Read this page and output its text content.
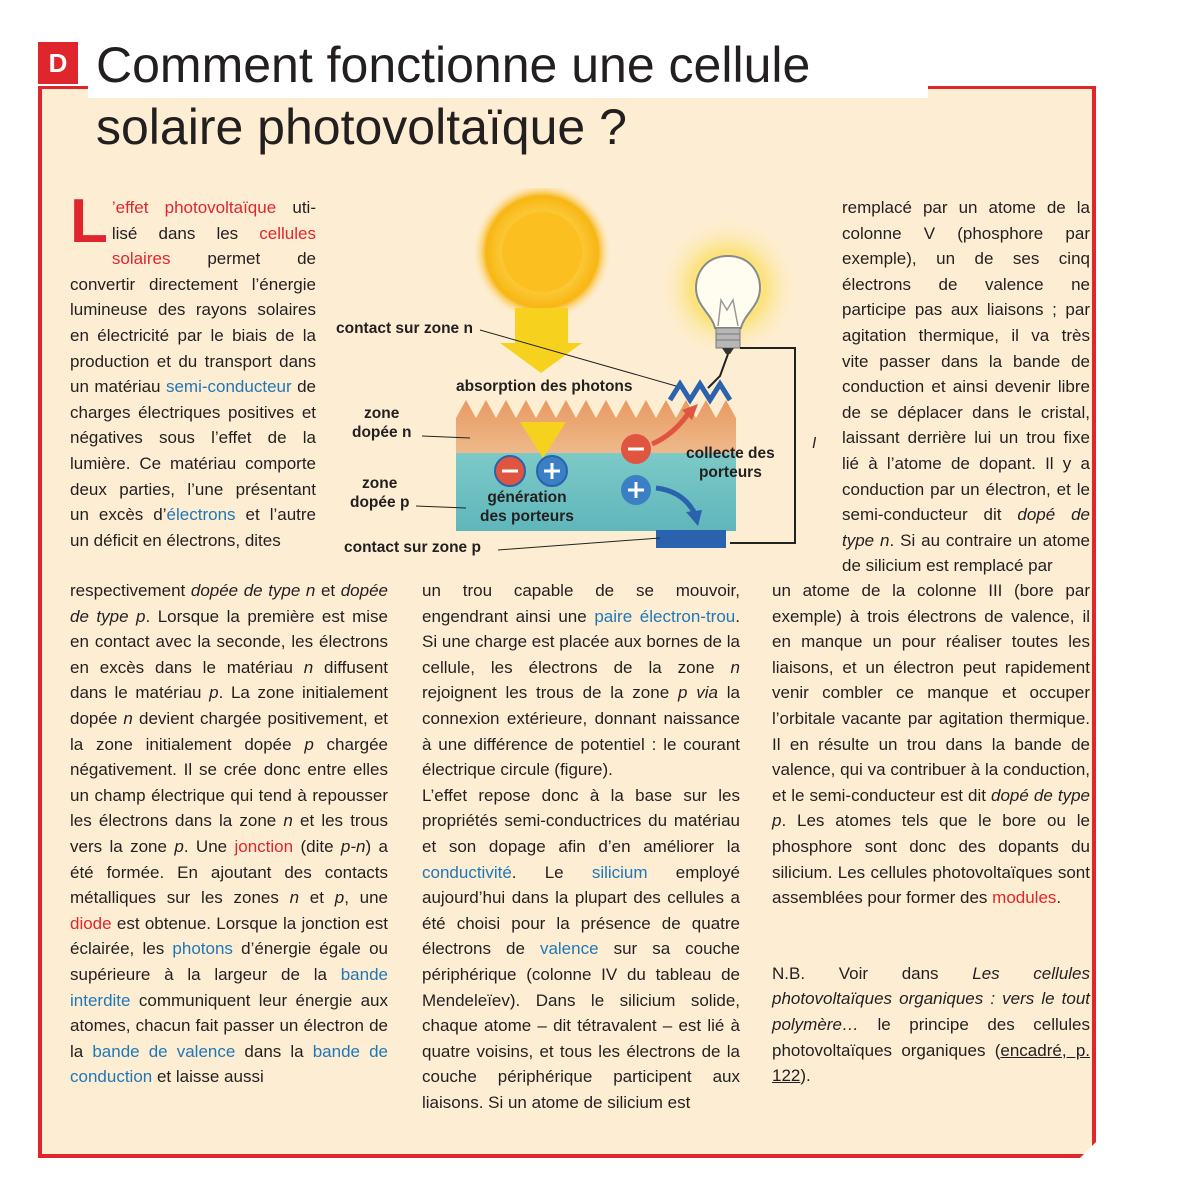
D Comment fonctionne une cellule
solaire photovoltaïque ?

L ’effet photovoltaïque uti-lisé dans les cellules solaires permet de convertir directement l’énergie lumineuse des rayons solaires en électricité par le biais de la production et du transport dans un matériau semi-conducteur de charges électriques positives et négatives sous l’effet de la lumière. Ce matériau comporte deux parties, l’une présentant un excès d’électrons et l’autre un déficit en électrons, dites

respectivement dopée de type n et dopée de type p. Lorsque la première est mise en contact avec la seconde, les électrons en excès dans le matériau n diffusent dans le matériau p. La zone initialement dopée n devient chargée positivement, et la zone initialement dopée p chargée négativement. Il se crée donc entre elles un champ électrique qui tend à repousser les électrons dans la zone n et les trous vers la zone p. Une jonction (dite p-n) a été formée. En ajoutant des contacts métalliques sur les zones n et p, une diode est obtenue. Lorsque la jonction est éclairée, les photons d’énergie égale ou supérieure à la largeur de la bande interdite communiquent leur énergie aux atomes, chacun fait passer un électron de la bande de valence dans la bande de conduction et laisse aussi

un trou capable de se mouvoir, engendrant ainsi une paire électron-trou. Si une charge est placée aux bornes de la cellule, les électrons de la zone n rejoignent les trous de la zone p via la connexion extérieure, donnant naissance à une différence de potentiel : le courant électrique circule (figure).

L’effet repose donc à la base sur les propriétés semi-conductrices du matériau et son dopage afin d’en améliorer la conductivité. Le silicium employé aujourd’hui dans la plupart des cellules a été choisi pour la présence de quatre électrons de valence sur sa couche périphérique (colonne IV du tableau de Mendeleïev). Dans le silicium solide, chaque atome – dit tétravalent – est lié à quatre voisins, et tous les électrons de la couche périphérique participent aux liaisons. Si un atome de silicium est

remplacé par un atome de la colonne V (phosphore par exemple), un de ses cinq électrons de valence ne participe pas aux liaisons ; par agitation thermique, il va très vite passer dans la bande de conduction et ainsi devenir libre de se déplacer dans le cristal, laissant derrière lui un trou fixe lié à l’atome de dopant. Il y a conduction par un électron, et le semi-conducteur dit dopé de type n. Si au contraire un atome de silicium est remplacé par

un atome de la colonne III (bore par exemple) à trois électrons de valence, il en manque un pour réaliser toutes les liaisons, et un électron peut rapidement venir combler ce manque et occuper l’orbitale vacante par agitation thermique. Il en résulte un trou dans la bande de valence, qui va contribuer à la conduction, et le semi-conducteur est dit dopé de type p. Les atomes tels que le bore ou le phosphore sont donc des dopants du silicium. Les cellules photovoltaïques sont assemblées pour former des modules.

N.B. Voir dans Les cellules photovoltaïques organiques : vers le tout polymère… le principe des cellules photovoltaïques organiques (encadré, p. 122).

contact sur zone n
absorption des photons
zone
dopée n
zone
dopée p	génération
des porteurs
collecte des
porteurs
contact sur zone p
I
